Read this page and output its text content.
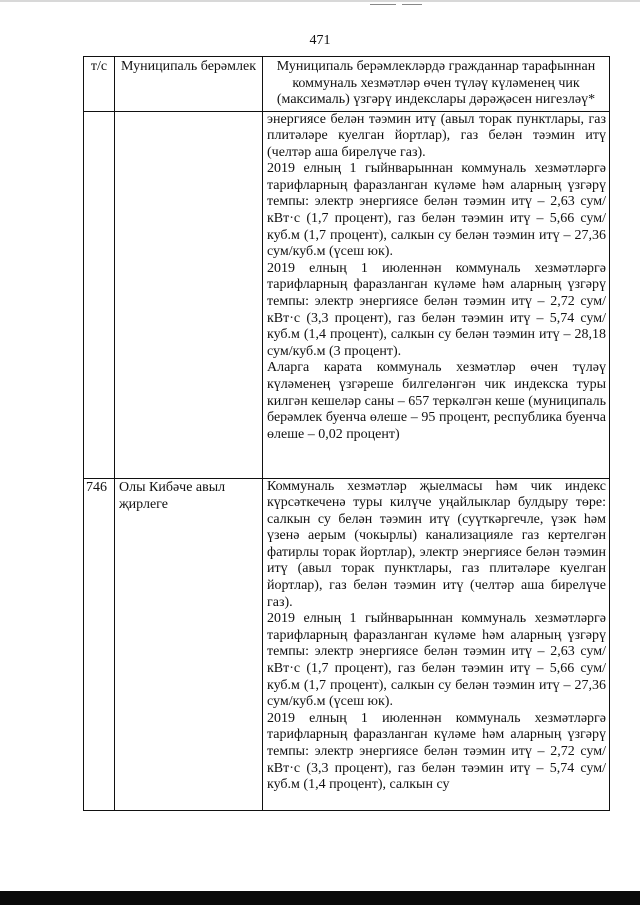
471
т/с	Муниципаль берәмлек	Муниципаль берәмлекләрдә гражданнар тарафыннан коммуналь хезмәтләр өчен түләү күләменең чик (максималь) үзгәрү индекслары дәрәҗәсен нигезләү*

		энергиясе белән тәэмин итү (авыл торак пунктлары, газ плитәләре куелган йортлар), газ белән тәэмин итү (челтәр аша бирелүче газ).
2019 елның 1 гыйнварыннан коммуналь хезмәтләргә тарифларның фаразланган күләме һәм аларның үзгәрү темпы: электр энергиясе белән тәэмин итү – 2,63 сум/кВт·с (1,7 процент), газ белән тәэмин итү – 5,66 сум/куб.м (1,7 процент), салкын су белән тәэмин итү – 27,36 сум/куб.м (үсеш юк).
2019 елның 1 июленнән коммуналь хезмәтләргә тарифларның фаразланган күләме һәм аларның үзгәрү темпы: электр энергиясе белән тәэмин итү – 2,72 сум/кВт·с (3,3 процент), газ белән тәэмин итү – 5,74 сум/куб.м (1,4 процент), салкын су белән тәэмин итү – 28,18 сум/куб.м (3 процент).
Аларга карата коммуналь хезмәтләр өчен түләү күләменең үзгәреше билгеләнгән чик индекска туры килгән кешеләр саны – 657 теркәлгән кеше (муниципаль берәмлек буенча өлеше – 95 процент, республика буенча өлеше – 0,02 процент)

746	Олы Кибәче авыл җирлеге	Коммуналь хезмәтләр җыелмасы һәм чик индекс күрсәткеченә туры килүче уңайлыклар булдыру төре: салкын су белән тәэмин итү (суүткәргечле, үзәк һәм үзенә аерым (чокырлы) канализацияле газ кертелгән фатирлы торак йортлар), электр энергиясе белән тәэмин итү (авыл торак пунктлары, газ плитәләре куелган йортлар), газ белән тәэмин итү (челтәр аша бирелүче газ).
2019 елның 1 гыйнварыннан коммуналь хезмәтләргә тарифларның фаразланган күләме һәм аларның үзгәрү темпы: электр энергиясе белән тәэмин итү – 2,63 сум/кВт·с (1,7 процент), газ белән тәэмин итү – 5,66 сум/куб.м (1,7 процент), салкын су белән тәэмин итү – 27,36 сум/куб.м (үсеш юк).
2019 елның 1 июленнән коммуналь хезмәтләргә тарифларның фаразланган күләме һәм аларның үзгәрү темпы: электр энергиясе белән тәэмин итү – 2,72 сум/кВт·с (3,3 процент), газ белән тәэмин итү – 5,74 сум/куб.м (1,4 процент), салкын су
